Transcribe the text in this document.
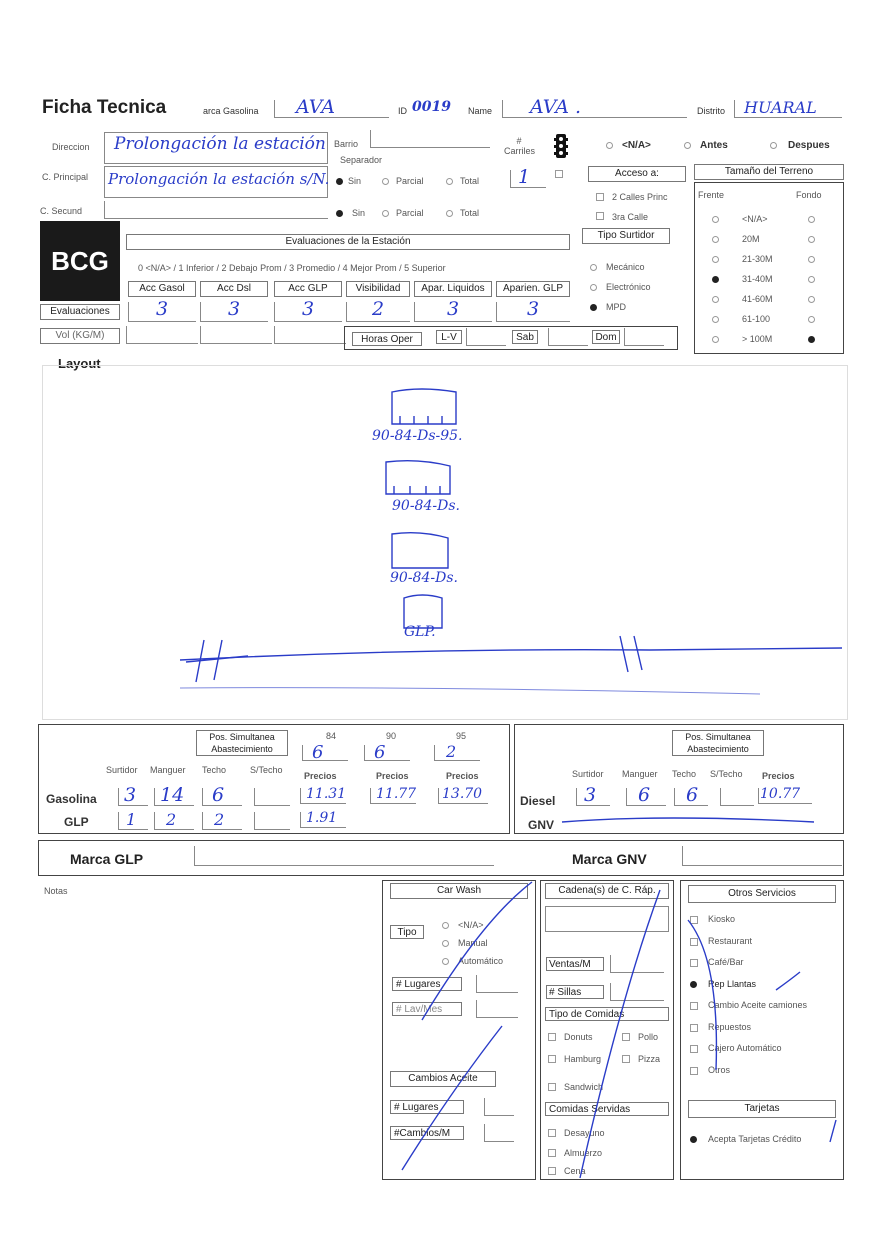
Ficha Tecnica	arca Gasolina AVA	ID 0019 Name AVA .	Distrito HUARAL
Direccion Prolongación la estación
C. Principal Prolongación la estación s/N.
C. Secund
Barrio
Separador
Sin	Parcial	Total
Sin	Parcial	Total
# Carriles
1
<N/A>	Antes	Despues
Acceso a:
2 Calles Princ
3ra Calle
Tipo Surtidor
Mecánico
Electrónico
MPD
Tamaño del Terreno
Frente	Fondo
<N/A>
20M
21-30M
31-40M
41-60M
61-100
> 100M
BCG
Evaluaciones de la Estación
0 <N/A> / 1 Inferior / 2 Debajo Prom / 3 Promedio / 4 Mejor Prom / 5 Superior
Acc Gasol
3
Acc Dsl
3
Acc GLP
3
Visibilidad
2
Apar. Liquidos
3
Aparien. GLP
3
Evaluaciones
Vol (KG/M)	Horas Oper	L-V	Sab	Dom
Layout
90-84-Ds-95.
90-84-Ds.
90-84-Ds.
GLP.
Pos. Simultanea Abastecimiento
84	90	95
6	6	2
Surtidor Manguer Techo	S/Techo
Precios	Precios	Precios
Gasolina 3 14 6	11.31 11.77 13.70
GLP 1 2 2	1.91
Pos. Simultanea Abastecimiento
Surtidor Manguer Techo S/Techo Precios
Diesel 3 6 6	10.77
GNV
Marca GLP	Marca GNV
Notas	Car Wash
Tipo
<N/A>
Manual
Automático
# Lugares
# Lav/Mes
Cambios Aceite
# Lugares
#Cambios/M
Cadena(s) de C. Ráp.
Ventas/M
# Sillas
Tipo de Comidas
Donuts	Pollo
Hamburg	Pizza
Sandwich
Comidas Servidas
Desayuno
Almuerzo
Cena
Otros Servicios
Kiosko
Restaurant
Café/Bar
Rep Llantas
Cambio Aceite camiones
Repuestos
Cajero Automático
Otros
Tarjetas
Acepta Tarjetas Crédito
